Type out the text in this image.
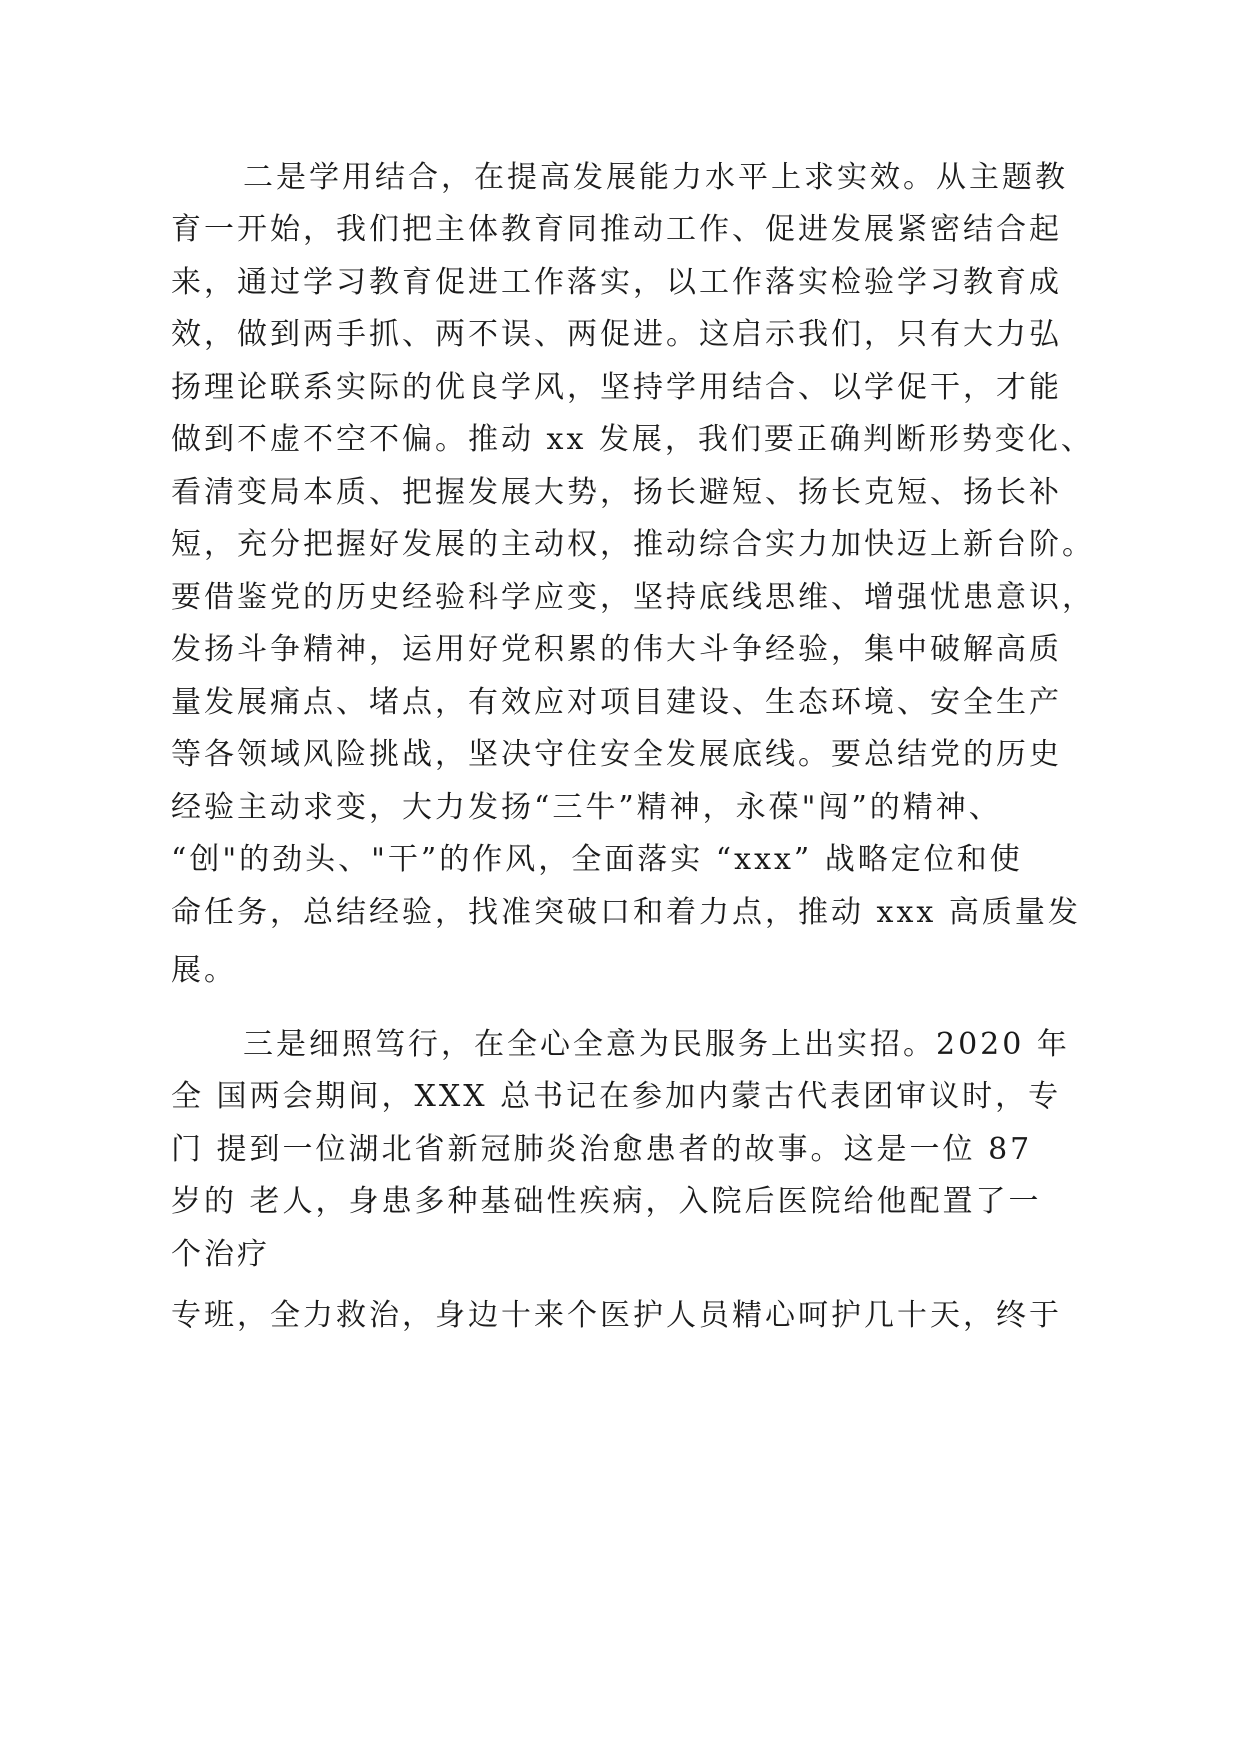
二是学用结合，在提高发展能力水平上求实效。从主题教
育一开始，我们把主体教育同推动工作、促进发展紧密结合起
来，通过学习教育促进工作落实，以工作落实检验学习教育成
效，做到两手抓、两不误、两促进。这启示我们，只有大力弘
扬理论联系实际的优良学风，坚持学用结合、以学促干，才能
做到不虚不空不偏。推动 xx 发展，我们要正确判断形势变化、
看清变局本质、把握发展大势，扬长避短、扬长克短、扬长补
短，充分把握好发展的主动权，推动综合实力加快迈上新台阶。
要借鉴党的历史经验科学应变，坚持底线思维、增强忧患意识，
发扬斗争精神，运用好党积累的伟大斗争经验，集中破解高质
量发展痛点、堵点，有效应对项目建设、生态环境、安全生产
等各领域风险挑战，坚决守住安全发展底线。要总结党的历史
经验主动求变，大力发扬“三牛”精神，永葆"闯”的精神、
“创"的劲头、"干”的作风，全面落实 “xxx” 战略定位和使
命任务，总结经验，找准突破口和着力点，推动 xxx 高质量发
展。
三是细照笃行，在全心全意为民服务上出实招。2020 年
全 国两会期间，XXX 总书记在参加内蒙古代表团审议时，专
门 提到一位湖北省新冠肺炎治愈患者的故事。这是一位 87
岁的 老人，身患多种基础性疾病，入院后医院给他配置了一
个治疗
专班，全力救治，身边十来个医护人员精心呵护几十天，终于
